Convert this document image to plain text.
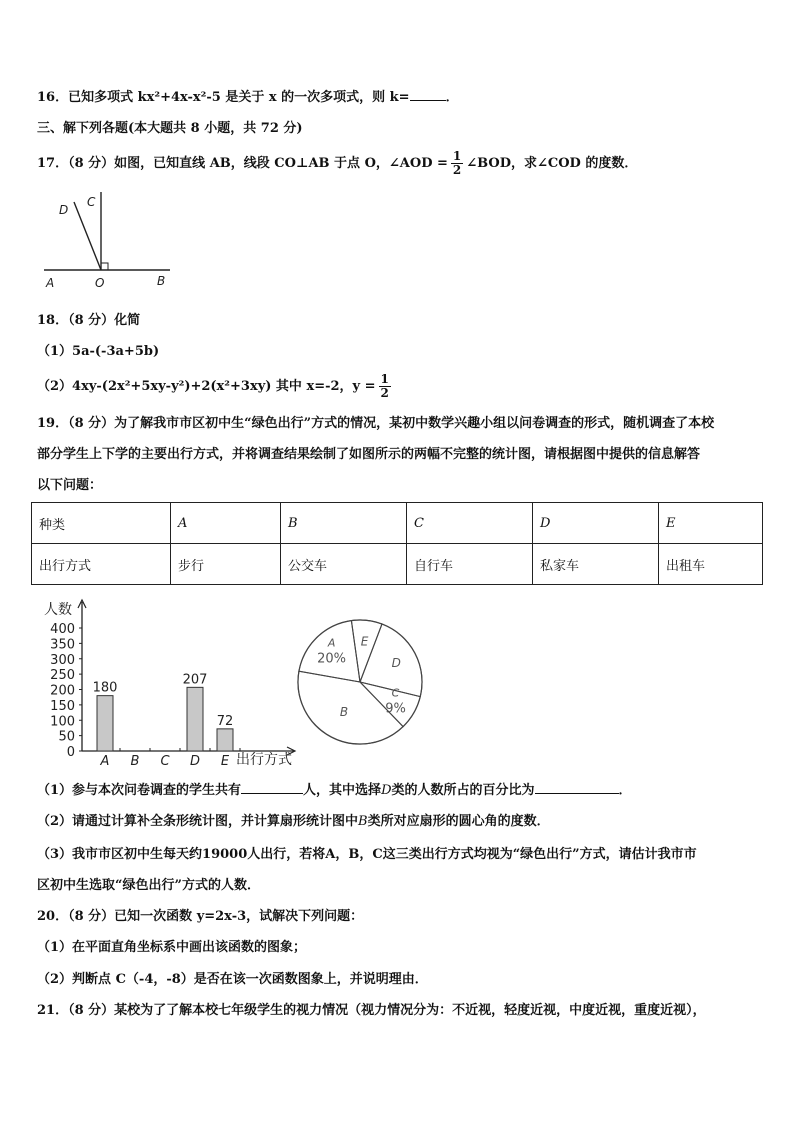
16．已知多项式 kx²+4x-x²-5 是关于 x 的一次多项式，则 k=	．
三、解下列各题(本大题共 8 小题，共 72 分)
17．（8 分）如图，已知直线 AB，线段 CO⊥AB 于点 O，∠AOD = $\frac{1}{2}$ ∠BOD，求∠COD 的度数．
D
C
A	O	B
18．（8 分）化简
（1）5a-(-3a+5b)
（2）4xy-(2x²+5xy-y²)+2(x²+3xy) 其中 x=-2，$y = \frac{1}{2}$
19．（8 分）为了解我市市区初中生“绿色出行”方式的情况，某初中数学兴趣小组以问卷调查的形式，随机调查了本校
部分学生上下学的主要出行方式，并将调查结果绘制了如图所示的两幅不完整的统计图，请根据图中提供的信息解答
以下问题：
种类	A	B	C	D	E
出行方式	步行	公交车	自行车	私家车	出租车
人数
出行方式
0
50
100
150
200
250
300
350
400
180
A B C
207
D
72
E
A
20%
E
D
C
9%
B
（1）参与本次问卷调查的学生共有	人，其中选择D类的人数所占的百分比为	．
（2）请通过计算补全条形统计图，并计算扇形统计图中B类所对应扇形的圆心角的度数．
（3）我市市区初中生每天约19000人出行，若将A，B，C这三类出行方式均视为“绿色出行”方式，请估计我市市
区初中生选取“绿色出行”方式的人数．
20．（8 分）已知一次函数 y=2x-3，试解决下列问题：
（1）在平面直角坐标系中画出该函数的图象；
（2）判断点 C（-4，-8）是否在该一次函数图象上，并说明理由．
21．（8 分）某校为了了解本校七年级学生的视力情况（视力情况分为：不近视，轻度近视，中度近视，重度近视），
